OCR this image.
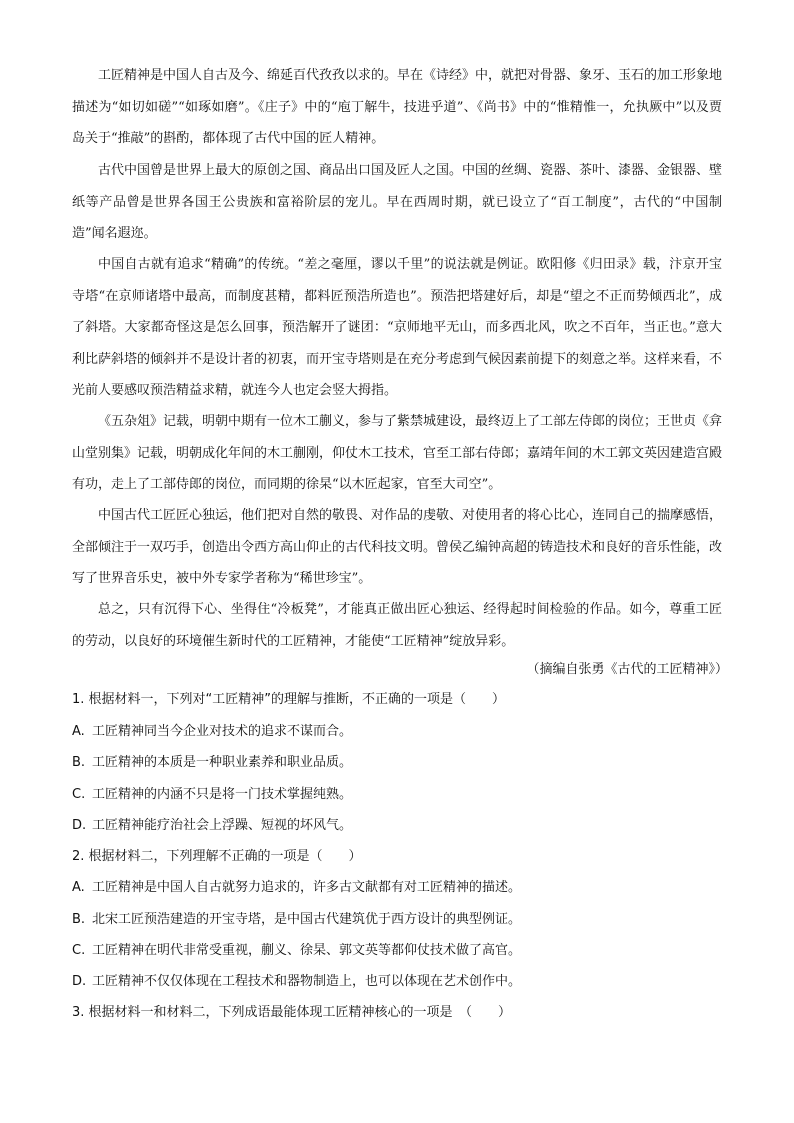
工匠精神是中国人自古及今、绵延百代孜孜以求的。早在《诗经》中，就把对骨器、象牙、玉石的加工形象地描述为“如切如磋”“如琢如磨”。《庄子》中的“庖丁解牛，技进乎道”、《尚书》中的“惟精惟一，允执厥中”以及贾岛关于“推敲”的斟酌，都体现了古代中国的匠人精神。

古代中国曾是世界上最大的原创之国、商品出口国及匠人之国。中国的丝绸、瓷器、茶叶、漆器、金银器、壁纸等产品曾是世界各国王公贵族和富裕阶层的宠儿。早在西周时期，就已设立了“百工制度”，古代的“中国制造”闻名遐迩。

中国自古就有追求“精确”的传统。“差之毫厘，谬以千里”的说法就是例证。欧阳修《归田录》载，汴京开宝寺塔“在京师诸塔中最高，而制度甚精，都料匠预浩所造也”。预浩把塔建好后，却是“望之不正而势倾西北”，成了斜塔。大家都奇怪这是怎么回事，预浩解开了谜团：“京师地平无山，而多西北风，吹之不百年，当正也。”意大利比萨斜塔的倾斜并不是设计者的初衷，而开宝寺塔则是在充分考虑到气候因素前提下的刻意之举。这样来看，不光前人要感叹预浩精益求精，就连今人也定会竖大拇指。

《五杂俎》记载，明朝中期有一位木工蒯义，参与了紫禁城建设，最终迈上了工部左侍郎的岗位；王世贞《弇山堂别集》记载，明朝成化年间的木工蒯刚，仰仗木工技术，官至工部右侍郎；嘉靖年间的木工郭文英因建造宫殿有功，走上了工部侍郎的岗位，而同期的徐杲“以木匠起家，官至大司空”。

中国古代工匠匠心独运，他们把对自然的敬畏、对作品的虔敬、对使用者的将心比心，连同自己的揣摩感悟，全部倾注于一双巧手，创造出令西方高山仰止的古代科技文明。曾侯乙编钟高超的铸造技术和良好的音乐性能，改写了世界音乐史，被中外专家学者称为“稀世珍宝”。

总之，只有沉得下心、坐得住“冷板凳”，才能真正做出匠心独运、经得起时间检验的作品。如今，尊重工匠的劳动，以良好的环境催生新时代的工匠精神，才能使“工匠精神”绽放异彩。

（摘编自张勇《古代的工匠精神》）

1. 根据材料一，下列对“工匠精神”的理解与推断，不正确的一项是（　　）

A. 工匠精神同当今企业对技术的追求不谋而合。

B. 工匠精神的本质是一种职业素养和职业品质。

C. 工匠精神的内涵不只是将一门技术掌握纯熟。

D. 工匠精神能疗治社会上浮躁、短视的坏风气。

2. 根据材料二，下列理解不正确的一项是（　　）

A. 工匠精神是中国人自古就努力追求的，许多古文献都有对工匠精神的描述。

B. 北宋工匠预浩建造的开宝寺塔，是中国古代建筑优于西方设计的典型例证。

C. 工匠精神在明代非常受重视，蒯义、徐杲、郭文英等都仰仗技术做了高官。

D. 工匠精神不仅仅体现在工程技术和器物制造上，也可以体现在艺术创作中。

3. 根据材料一和材料二，下列成语最能体现工匠精神核心的一项是　（　　）
